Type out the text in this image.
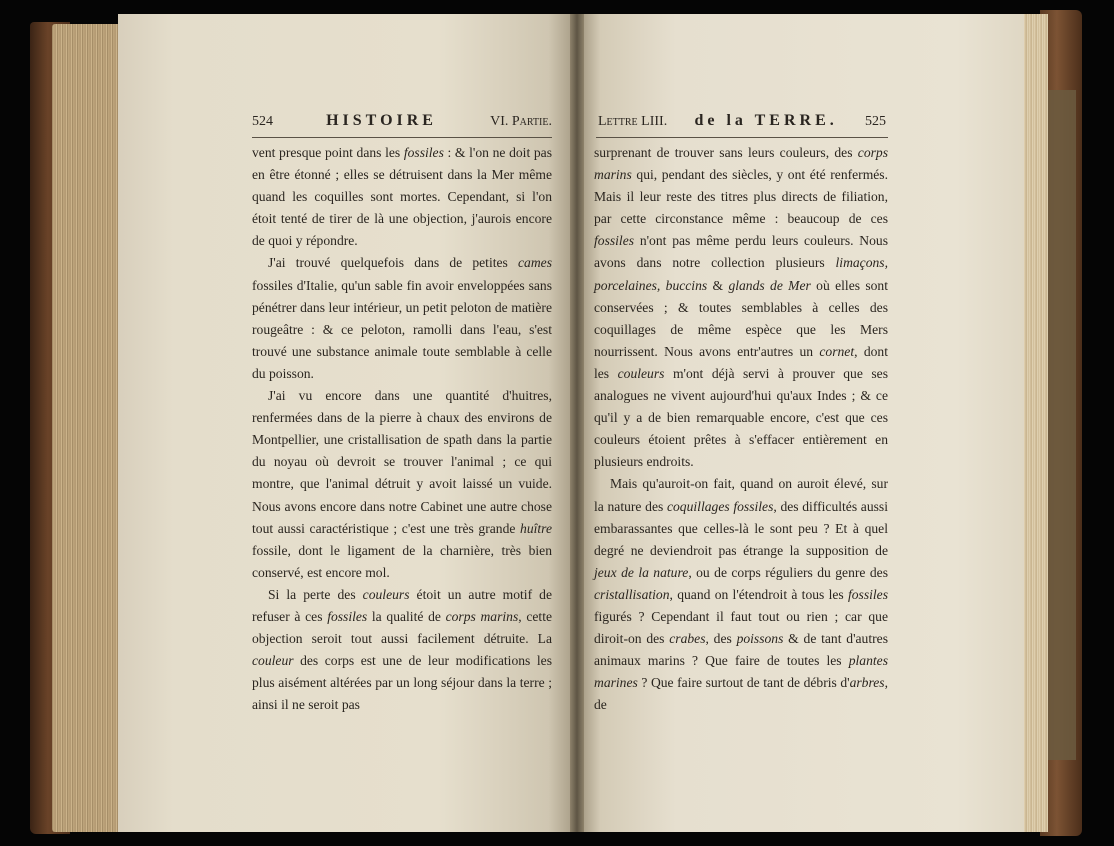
524	HISTOIRE	VI. Partie.

vent presque point dans les fossiles : & l'on ne doit pas en être étonné ; elles se détruisent dans la Mer même quand les coquilles sont mortes. Cependant, si l'on étoit tenté de tirer de là une objection, j'aurois encore de quoi y répondre.

J'ai trouvé quelquefois dans de petites cames fossiles d'Italie, qu'un sable fin avoir enveloppées sans pénétrer dans leur intérieur, un petit peloton de matière rougeâtre : & ce peloton, ramolli dans l'eau, s'est trouvé une substance animale toute semblable à celle du poisson.

J'ai vu encore dans une quantité d'huitres, renfermées dans de la pierre à chaux des environs de Montpellier, une cristallisation de spath dans la partie du noyau où devroit se trouver l'animal ; ce qui montre, que l'animal détruit y avoit laissé un vuide. Nous avons encore dans notre Cabinet une autre chose tout aussi caractéristique ; c'est une très grande huître fossile, dont le ligament de la charnière, très bien conservé, est encore mol.

Si la perte des couleurs étoit un autre motif de refuser à ces fossiles la qualité de corps marins, cette objection seroit tout aussi facilement détruite. La couleur des corps est une de leur modifications les plus aisément altérées par un long séjour dans la terre ; ainsi il ne seroit pas

Lettre LIII. de la TERRE. 525

surprenant de trouver sans leurs couleurs, des corps marins qui, pendant des siècles, y ont été renfermés. Mais il leur reste des titres plus directs de filiation, par cette circonstance même : beaucoup de ces fossiles n'ont pas même perdu leurs couleurs. Nous avons dans notre collection plusieurs limaçons, porcelaines, buccins & glands de Mer où elles sont conservées ; & toutes semblables à celles des coquillages de même espèce que les Mers nourrissent. Nous avons entr'autres un cornet, dont les couleurs m'ont déjà servi à prouver que ses analogues ne vivent aujourd'hui qu'aux Indes ; & ce qu'il y a de bien remarquable encore, c'est que ces couleurs étoient prêtes à s'effacer entièrement en plusieurs endroits.

Mais qu'auroit-on fait, quand on auroit élevé, sur la nature des coquillages fossiles, des difficultés aussi embarassantes que celles-là le sont peu ? Et à quel degré ne deviendroit pas étrange la supposition de jeux de la nature, ou de corps réguliers du genre des cristallisation, quand on l'étendroit à tous les fossiles figurés ? Cependant il faut tout ou rien ; car que diroit-on des crabes, des poissons & de tant d'autres animaux marins ? Que faire de toutes les plantes marines ? Que faire surtout de tant de débris d'arbres, de
